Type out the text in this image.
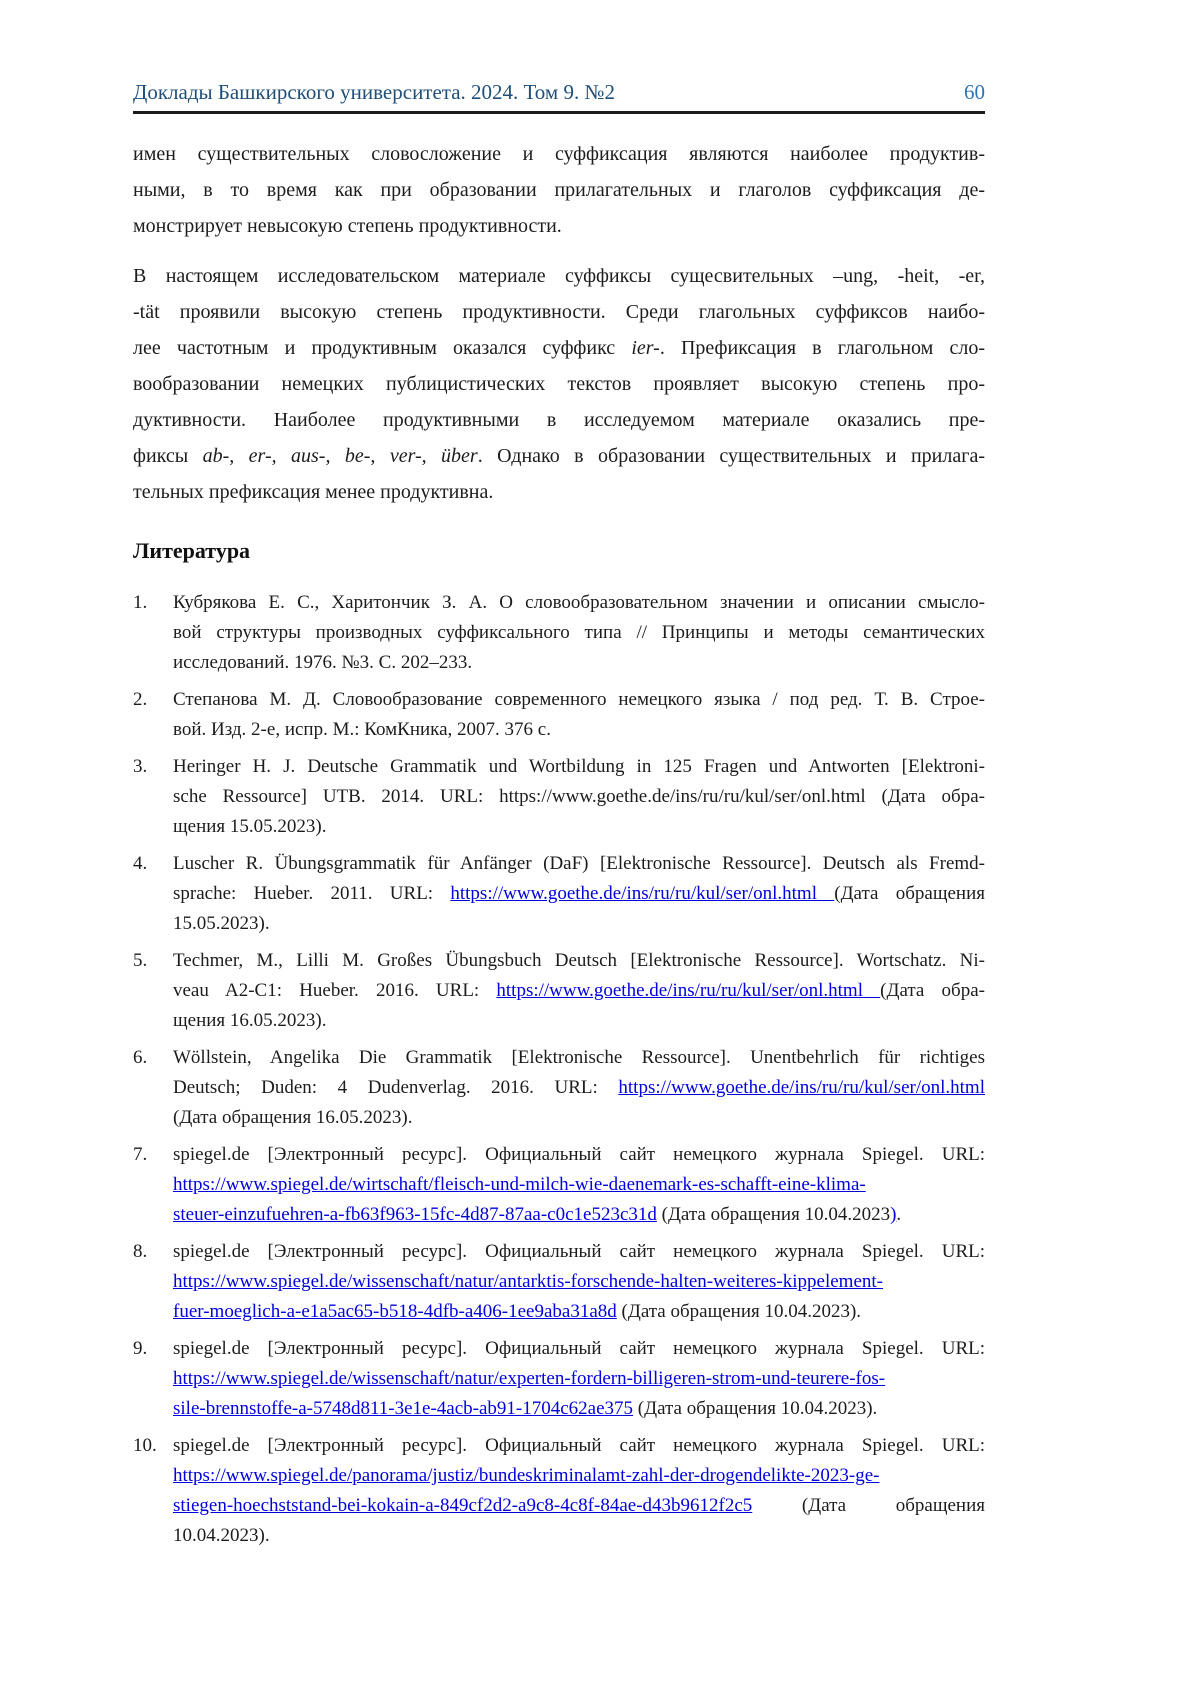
Доклады Башкирского университета. 2024. Том 9. №2	60
имен существительных словосложение и суффиксация являются наиболее продуктив-
ными, в то время как при образовании прилагательных и глаголов суффиксация де-
монстрирует невысокую степень продуктивности.
В настоящем исследовательском материале суффиксы сущесвительных –ung, -heit, -er,
-tät проявили высокую степень продуктивности. Среди глагольных суффиксов наибо-
лее частотным и продуктивным оказался суффикс ier-. Префиксация в глагольном сло-
вообразовании немецких публицистических текстов проявляет высокую степень про-
дуктивности. Наиболее продуктивными в исследуемом материале оказались пре-
фиксы ab-, er-, aus-, be-, ver-, über. Однако в образовании существительных и прилага-
тельных префиксация менее продуктивна.
Литература
1.	Кубрякова Е. С., Харитончик З. А. О словообразовательном значении и описании смысло-
вой структуры производных суффиксального типа // Принципы и методы семантических
исследований. 1976. №3. С. 202–233.
2.	Степанова М. Д. Словообразование современного немецкого языка / под ред. Т. В. Строе-
вой. Изд. 2-е, испр. М.: КомКника, 2007. 376 с.
3.	Heringer H. J. Deutsche Grammatik und Wortbildung in 125 Fragen und Antworten [Elektroni-
sche Ressource] UTB. 2014. URL: https://www.goethe.de/ins/ru/ru/kul/ser/onl.html (Дата обра-
щения 15.05.2023).
4.	Luscher R. Übungsgrammatik für Anfänger (DaF) [Elektronische Ressource]. Deutsch als Fremd-
sprache: Hueber. 2011. URL: https://www.goethe.de/ins/ru/ru/kul/ser/onl.html (Дата обращения
15.05.2023).
5.	Techmer, M., Lilli M. Großes Übungsbuch Deutsch [Elektronische Ressource]. Wortschatz. Ni-
veau A2-C1: Hueber. 2016. URL: https://www.goethe.de/ins/ru/ru/kul/ser/onl.html (Дата обра-
щения 16.05.2023).
6.	Wöllstein, Angelika Die Grammatik [Elektronische Ressource]. Unentbehrlich für richtiges
Deutsch; Duden: 4 Dudenverlag. 2016. URL: https://www.goethe.de/ins/ru/ru/kul/ser/onl.html
(Дата обращения 16.05.2023).
7.	spiegel.de [Электронный ресурс]. Официальный сайт немецкого журнала Spiegel. URL:
https://www.spiegel.de/wirtschaft/fleisch-und-milch-wie-daenemark-es-schafft-eine-klima-
steuer-einzufuehren-a-fb63f963-15fc-4d87-87aa-c0c1e523c31d (Дата обращения 10.04.2023).
8.	spiegel.de [Электронный ресурс]. Официальный сайт немецкого журнала Spiegel. URL:
https://www.spiegel.de/wissenschaft/natur/antarktis-forschende-halten-weiteres-kippelement-
fuer-moeglich-a-e1a5ac65-b518-4dfb-a406-1ee9aba31a8d (Дата обращения 10.04.2023).
9.	spiegel.de [Электронный ресурс]. Официальный сайт немецкого журнала Spiegel. URL:
https://www.spiegel.de/wissenschaft/natur/experten-fordern-billigeren-strom-und-teurere-fos-
sile-brennstoffe-a-5748d811-3e1e-4acb-ab91-1704c62ae375 (Дата обращения 10.04.2023).
10. spiegel.de [Электронный ресурс]. Официальный сайт немецкого журнала Spiegel. URL:
https://www.spiegel.de/panorama/justiz/bundeskriminalamt-zahl-der-drogendelikte-2023-ge-
stiegen-hoechststand-bei-kokain-a-849cf2d2-a9c8-4c8f-84ae-d43b9612f2c5 (Дата обращения
10.04.2023).
